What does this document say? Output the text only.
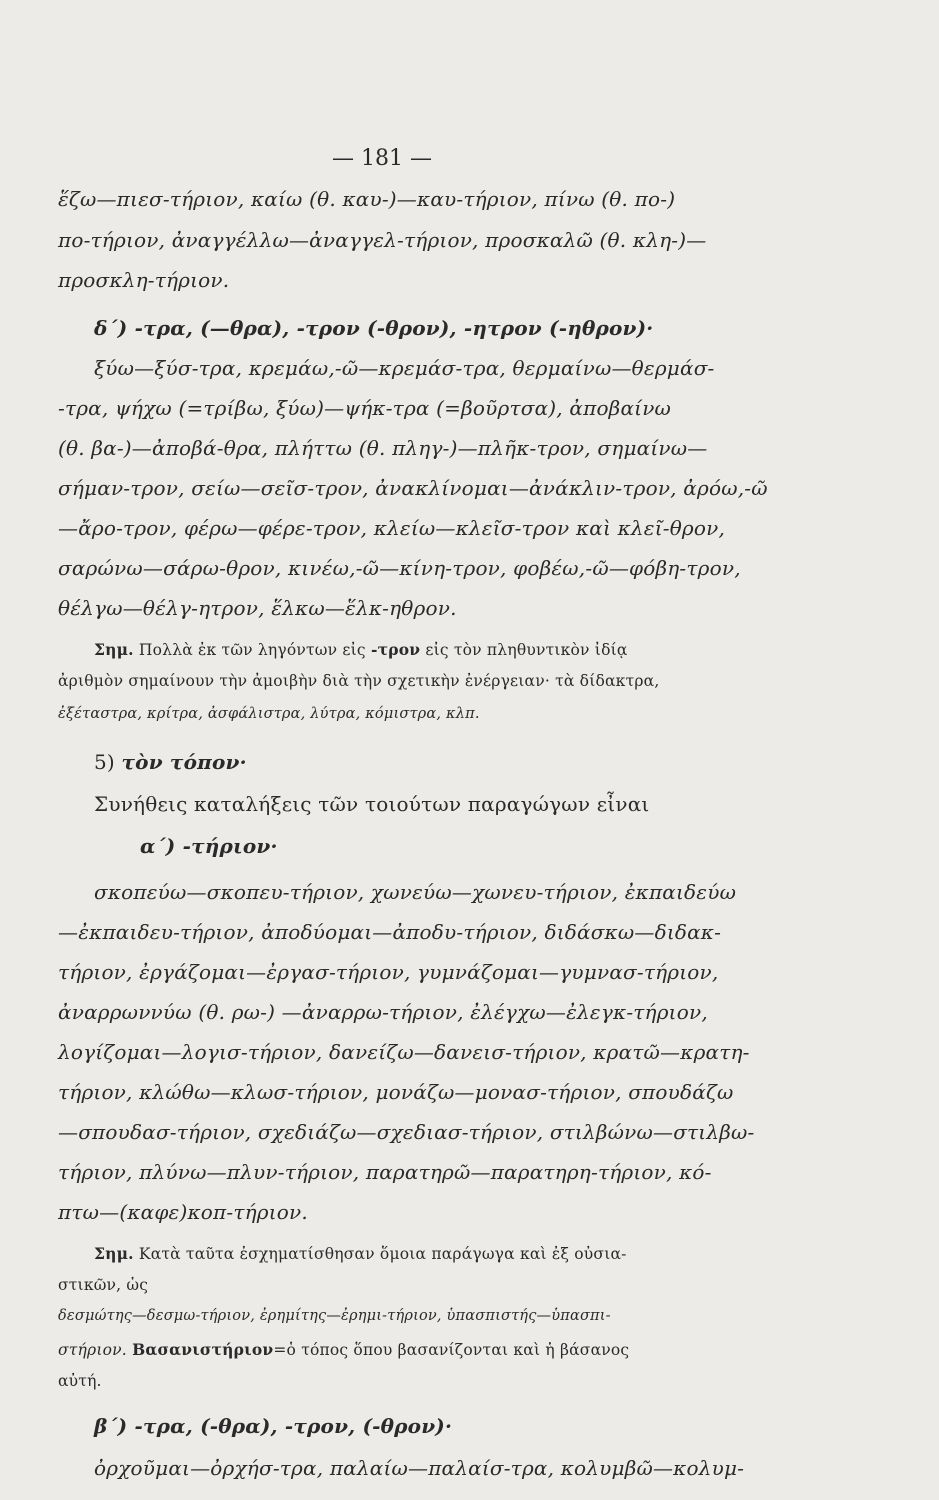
— 181 —
ἕζω—πιεσ-τήριον, καίω (θ. καυ-)—καυ-τήριον, πίνω (θ. πο-)
πο-τήριον, ἀναγγέλλω—ἀναγγελ-τήριον, προσκαλῶ (θ. κλη-)—
προσκλη-τήριον.
δ΄) -τρα, (—θρα), -τρον (-θρον), -ητρον (-ηθρον)·
ξύω—ξύσ-τρα, κρεμάω,-ῶ—κρεμάσ-τρα, θερμαίνω—θερμάσ-
-τρα, ψήχω (=τρίβω, ξύω)—ψήκ-τρα (=βοῦρτσα), ἀποβαίνω
(θ. βα-)—ἀποβά-θρα, πλήττω (θ. πληγ-)—πλῆκ-τρον, σημαίνω—
σήμαν-τρον, σείω—σεῖσ-τρον, ἀνακλίνομαι—ἀνάκλιν-τρον, ἀρόω,-ῶ
—ἄρο-τρον, φέρω—φέρε-τρον, κλείω—κλεῖσ-τρον καὶ κλεῖ-θρον,
σαρώνω—σάρω-θρον, κινέω,-ῶ—κίνη-τρον, φοβέω,-ῶ—φόβη-τρον,
θέλγω—θέλγ-ητρον, ἕλκω—ἕλκ-ηθρον.
Σημ. Πολλὰ ἐκ τῶν ληγόντων εἰς -τρον εἰς τὸν πληθυντικὸν ἰδίᾳ
ἀριθμὸν σημαίνουν τὴν ἀμοιβὴν διὰ τὴν σχετικὴν ἐνέργειαν· τὰ δίδακτρα,
ἐξέταστρα, κρίτρα, ἀσφάλιστρα, λύτρα, κόμιστρα, κλπ.
5) τὸν τόπον·
Συνήθεις καταλήξεις τῶν τοιούτων παραγώγων εἶναι
α΄) -τήριον·
σκοπεύω—σκοπευ-τήριον, χωνεύω—χωνευ-τήριον, ἐκπαιδεύω
—ἐκπαιδευ-τήριον, ἀποδύομαι—ἀποδυ-τήριον, διδάσκω—διδακ-
τήριον, ἐργάζομαι—ἐργασ-τήριον, γυμνάζομαι—γυμνασ-τήριον,
ἀναρρωννύω (θ. ρω-) —ἀναρρω-τήριον, ἐλέγχω—ἐλεγκ-τήριον,
λογίζομαι—λογισ-τήριον, δανείζω—δανεισ-τήριον, κρατῶ—κρατη-
τήριον, κλώθω—κλωσ-τήριον, μονάζω—μονασ-τήριον, σπουδάζω
—σπουδασ-τήριον, σχεδιάζω—σχεδιασ-τήριον, στιλβώνω—στιλβω-
τήριον, πλύνω—πλυν-τήριον, παρατηρῶ—παρατηρη-τήριον, κό-
πτω—(καφε)κοπ-τήριον.
Σημ. Κατὰ ταῦτα ἐσχηματίσθησαν ὅμοια παράγωγα καὶ ἐξ οὐσια-
στικῶν, ὡς
δεσμώτης—δεσμω-τήριον, ἐρημίτης—ἐρημι-τήριον, ὑπασπιστής—ὑπασπι-
στήριον. Βασανιστήριον=ὁ τόπος ὅπου βασανίζονται καὶ ἡ βάσανος
αὐτή.
β΄) -τρα, (-θρα), -τρον, (-θρον)·
ὀρχοῦμαι—ὀρχήσ-τρα, παλαίω—παλαίσ-τρα, κολυμβῶ—κολυμ-
